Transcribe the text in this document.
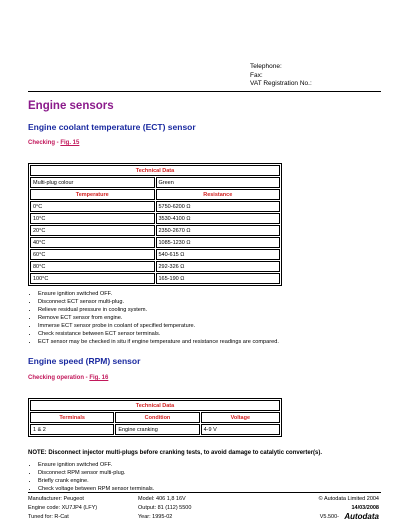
Telephone:
Fax:
VAT Registration No.:
Engine sensors
Engine coolant temperature (ECT) sensor
Checking - Fig. 15
Technical Data	
Multi-plug colour	Green
Temperature	Resistance
0°C	5750-6200 Ω
10°C	3530-4100 Ω
20°C	2350-2670 Ω
40°C	1085-1230 Ω
60°C	540-615 Ω
80°C	292-326 Ω
100°C	165-190 Ω
• Ensure ignition switched OFF.
• Disconnect ECT sensor multi-plug.
• Relieve residual pressure in cooling system.
• Remove ECT sensor from engine.
• Immerse ECT sensor probe in coolant of specified temperature.
• Check resistance between ECT sensor terminals.
• ECT sensor may be checked in situ if engine temperature and resistance readings are compared.
Engine speed (RPM) sensor
Checking operation - Fig. 16
Technical Data		
Terminals	Condition	Voltage
1 & 2	Engine cranking	4-9 V
NOTE: Disconnect injector multi-plugs before cranking tests, to avoid damage to catalytic converter(s).
• Ensure ignition switched OFF.
• Disconnect RPM sensor multi-plug.
• Briefly crank engine.
• Check voltage between RPM sensor terminals.
Manufacturer: Peugeot
Engine code: XU7JP4 (LFY)
Tuned for: R-Cat
Model: 406 1,8 16V
Output: 81 (112) 5500
Year: 1995-02
© Autodata Limited 2004
14/03/2008
V5.500- Autodata
